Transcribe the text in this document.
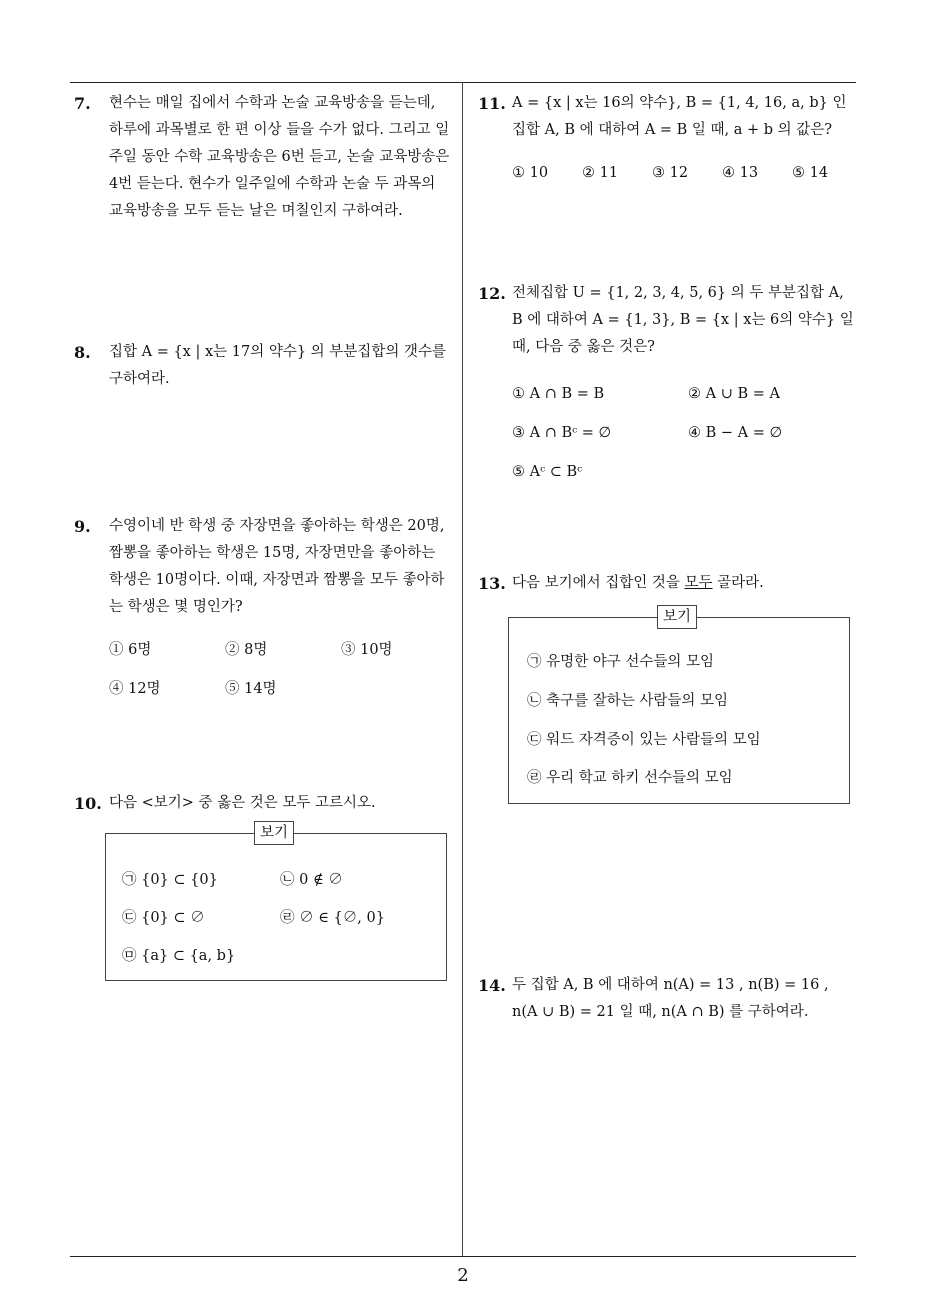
2
7. 현수는 매일 집에서 수학과 논술 교육방송을 듣는데,
하루에 과목별로 한 편 이상 들을 수가 없다. 그리고 일
주일 동안 수학 교육방송은 6번 듣고, 논술 교육방송은
4번 듣는다. 현수가 일주일에 수학과 논술 두 과목의
교육방송을 모두 듣는 날은 며칠인지 구하여라.
8. 집합 A = {x | x는 17의 약수} 의 부분집합의 갯수를
구하여라.
9. 수영이네 반 학생 중 자장면을 좋아하는 학생은 20명,
짬뽕을 좋아하는 학생은 15명, 자장면만을 좋아하는
학생은 10명이다. 이때, 자장면과 짬뽕을 모두 좋아하
는 학생은 몇 명인가?
① 6명	② 8명	③ 10명
④ 12명	⑤ 14명
10. 다음 <보기> 중 옳은 것은 모두 고르시오.
보기
㉠ {0} ⊂ {0}	㉡ 0 ∉ ∅
㉢ {0} ⊂ ∅	㉣ ∅ ∈ {∅, 0}
㉤ {a} ⊂ {a, b}
11. A = {x | x는 16의 약수}, B = {1, 4, 16, a, b} 인
집합 A, B 에 대하여 A = B 일 때, a + b 의 값은?
① 10	② 11	③ 12	④ 13	⑤ 14
12. 전체집합 U = {1, 2, 3, 4, 5, 6} 의 두 부분집합 A,
B 에 대하여 A = {1, 3}, B = {x | x는 6의 약수} 일
때, 다음 중 옳은 것은?
① A ∩ B = B	② A ∪ B = A
③ A ∩ Bᶜ = ∅	④ B − A = ∅
⑤ Aᶜ ⊂ Bᶜ
13. 다음 보기에서 집합인 것을 모두 골라라.
보기
㉠ 유명한 야구 선수들의 모임
㉡ 축구를 잘하는 사람들의 모임
㉢ 워드 자격증이 있는 사람들의 모임
㉣ 우리 학교 하키 선수들의 모임
14. 두 집합 A, B 에 대하여 n(A) = 13 , n(B) = 16 ,
n(A ∪ B) = 21 일 때, n(A ∩ B) 를 구하여라.
